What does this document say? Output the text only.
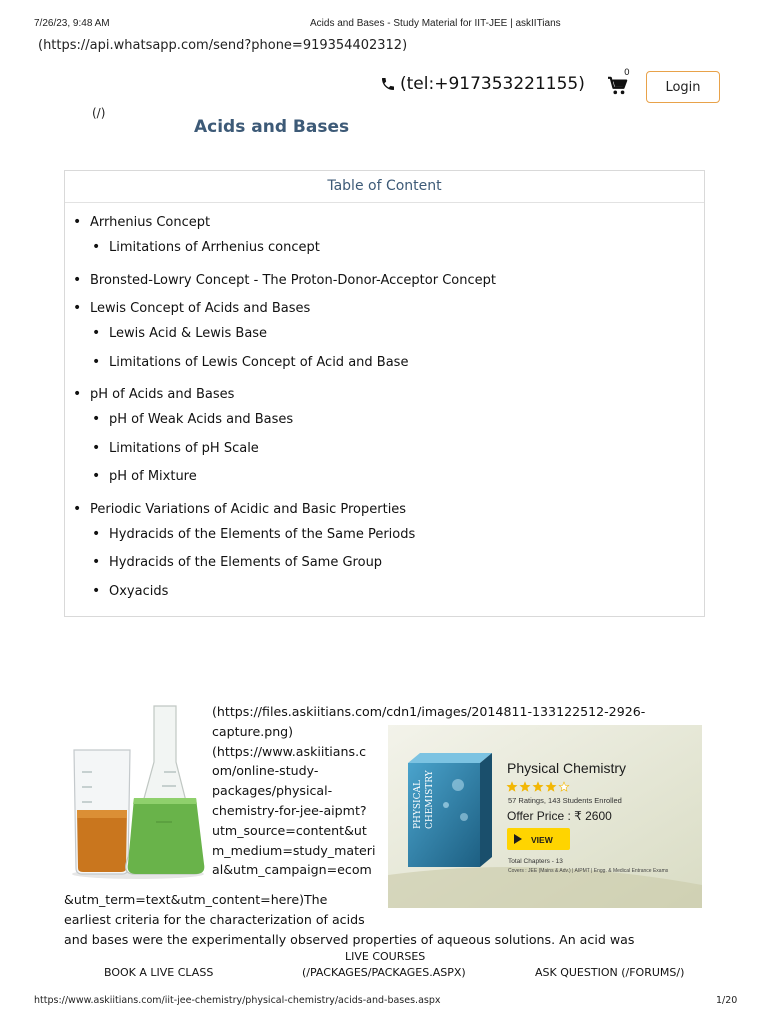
7/26/23, 9:48 AM	Acids and Bases - Study Material for IIT-JEE | askIITians
(https://api.whatsapp.com/send?phone=919354402312)
(tel:+917353221155)
0
Login
(/)
Acids and Bases
Table of Content
• Arrhenius Concept
• Limitations of Arrhenius concept
• Bronsted-Lowry Concept - The Proton-Donor-Acceptor Concept
• Lewis Concept of Acids and Bases
• Lewis Acid & Lewis Base
• Limitations of Lewis Concept of Acid and Base
• pH of Acids and Bases
• pH of Weak Acids and Bases
• Limitations of pH Scale
• pH of Mixture
• Periodic Variations of Acidic and Basic Properties
• Hydracids of the Elements of the Same Periods
• Hydracids of the Elements of Same Group
• Oxyacids
(https://files.askiitians.com/cdn1/images/2014811-133122512-2926-
capture.png)
(https://www.askiitians.c
om/online-study-
packages/physical-
chemistry-for-jee-aipmt?
utm_source=content&ut
m_medium=study_materi
al&utm_campaign=ecom
PHYSICAL CHEMISTRY
Physical Chemistry
57 Ratings, 143 Students Enrolled
Offer Price : ₹ 2600
VIEW
Total Chapters - 13
Covers : JEE (Mains & Adv.) | AIPMT | Engg. & Medical Entrance Exams
&utm_term=text&utm_content=here)The
earliest criteria for the characterization of acids
and bases were the experimentally observed properties of aqueous solutions. An acid was
LIVE COURSES
BOOK A LIVE CLASS	(/PACKAGES/PACKAGES.ASPX)	ASK QUESTION (/FORUMS/)
https://www.askiitians.com/iit-jee-chemistry/physical-chemistry/acids-and-bases.aspx	1/20
